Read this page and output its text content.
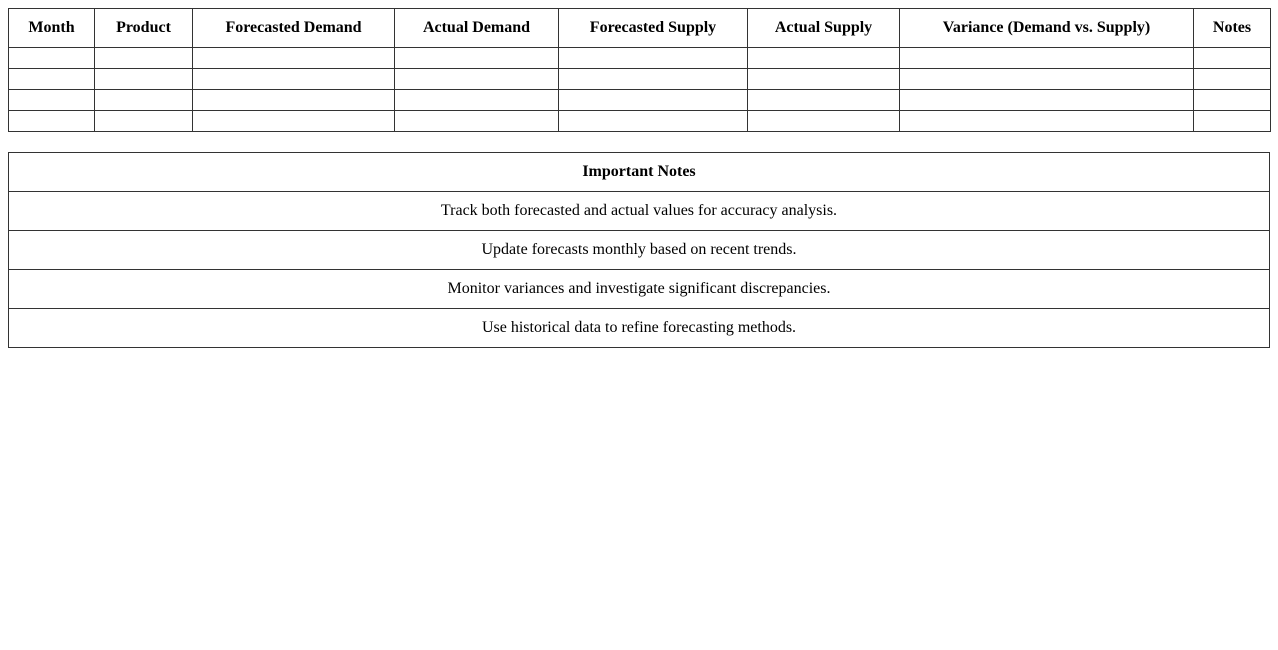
Month	Product	Forecasted Demand	Actual Demand	Forecasted Supply	Actual Supply	Variance (Demand vs. Supply)	Notes

Important Notes
Track both forecasted and actual values for accuracy analysis.
Update forecasts monthly based on recent trends.
Monitor variances and investigate significant discrepancies.
Use historical data to refine forecasting methods.
